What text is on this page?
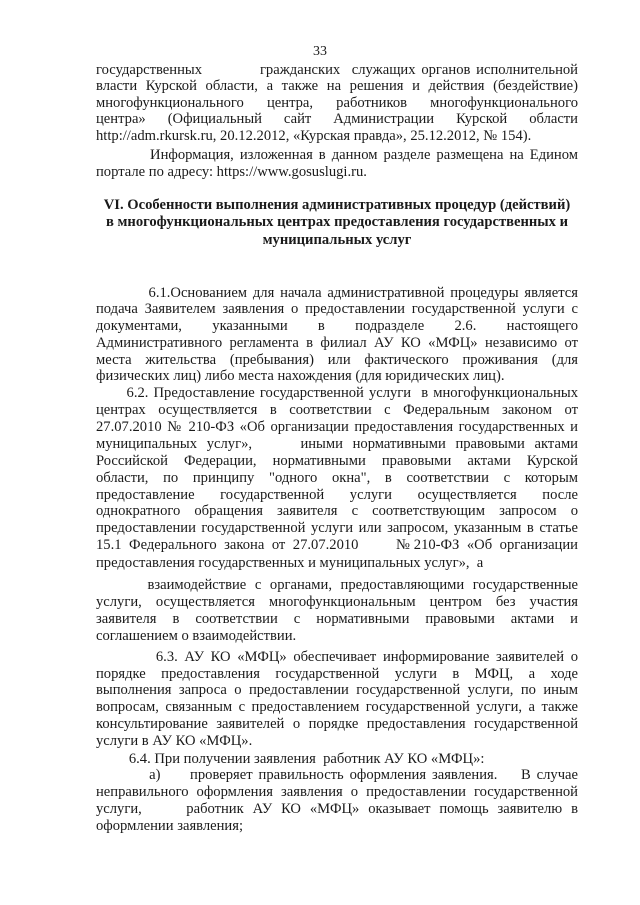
33
государственных          гражданских  служащих органов исполнительной
власти Курской области, а также на решения и действия (бездействие)
многофункционального   центра,   работников   многофункционального
центра»   (Официальный   сайт   Администрации   Курской   области
http://adm.rkursk.ru, 20.12.2012, «Курская правда», 25.12.2012, № 154).
Информация, изложенная в данном разделе размещена на Едином
портале по адресу: https://www.gosuslugi.ru.
VI. Особенности выполнения административных процедур (действий)
в многофункциональных центрах предоставления государственных и
муниципальных услуг
6.1.Основанием для начала административной процедуры является
подача Заявителем заявления о предоставлении государственной услуги с
документами,       указанными       в       подразделе       2.6.       настоящего
Административного регламента в филиал АУ КО «МФЦ» независимо от
места жительства (пребывания) или фактического проживания (для
физических лиц) либо места нахождения (для юридических лиц).
6.2. Предоставление государственной услуги  в многофункциональных
центрах осуществляется в соответствии с Федеральным законом от
27.07.2010 № 210-ФЗ «Об организации предоставления государственных и
муниципальных услуг»,     иными нормативными правовыми актами
Российской Федерации, нормативными правовыми актами Курской
области, по принципу "одного окна", в соответствии с которым
предоставление    государственной    услуги    осуществляется    после
однократного обращения заявителя с соответствующим запросом о
предоставлении государственной услуги или запросом, указанным в статье
15.1 Федерального закона от 27.07.2010     №210-ФЗ «Об организации
предоставления государственных и муниципальных услуг»,  а
взаимодействие с органами, предоставляющими государственные
услуги, осуществляется многофункциональным центром без участия
заявителя в соответствии с нормативными правовыми актами и
соглашением о взаимодействии.
6.3. АУ КО «МФЦ» обеспечивает информирование заявителей о
порядке предоставления государственной услуги в МФЦ, а ходе
выполнения запроса о предоставлении государственной услуги, по иным
вопросам, связанным с предоставлением государственной услуги, а также
консультирование заявителей о порядке предоставления государственной
услуги в АУ КО «МФЦ».
6.4. При получении заявления  работник АУ КО «МФЦ»:
а)     проверяет правильность оформления заявления.    В случае
неправильного оформления заявления о предоставлении государственной
услуги,     работник АУ КО «МФЦ» оказывает помощь заявителю в
оформлении заявления;
